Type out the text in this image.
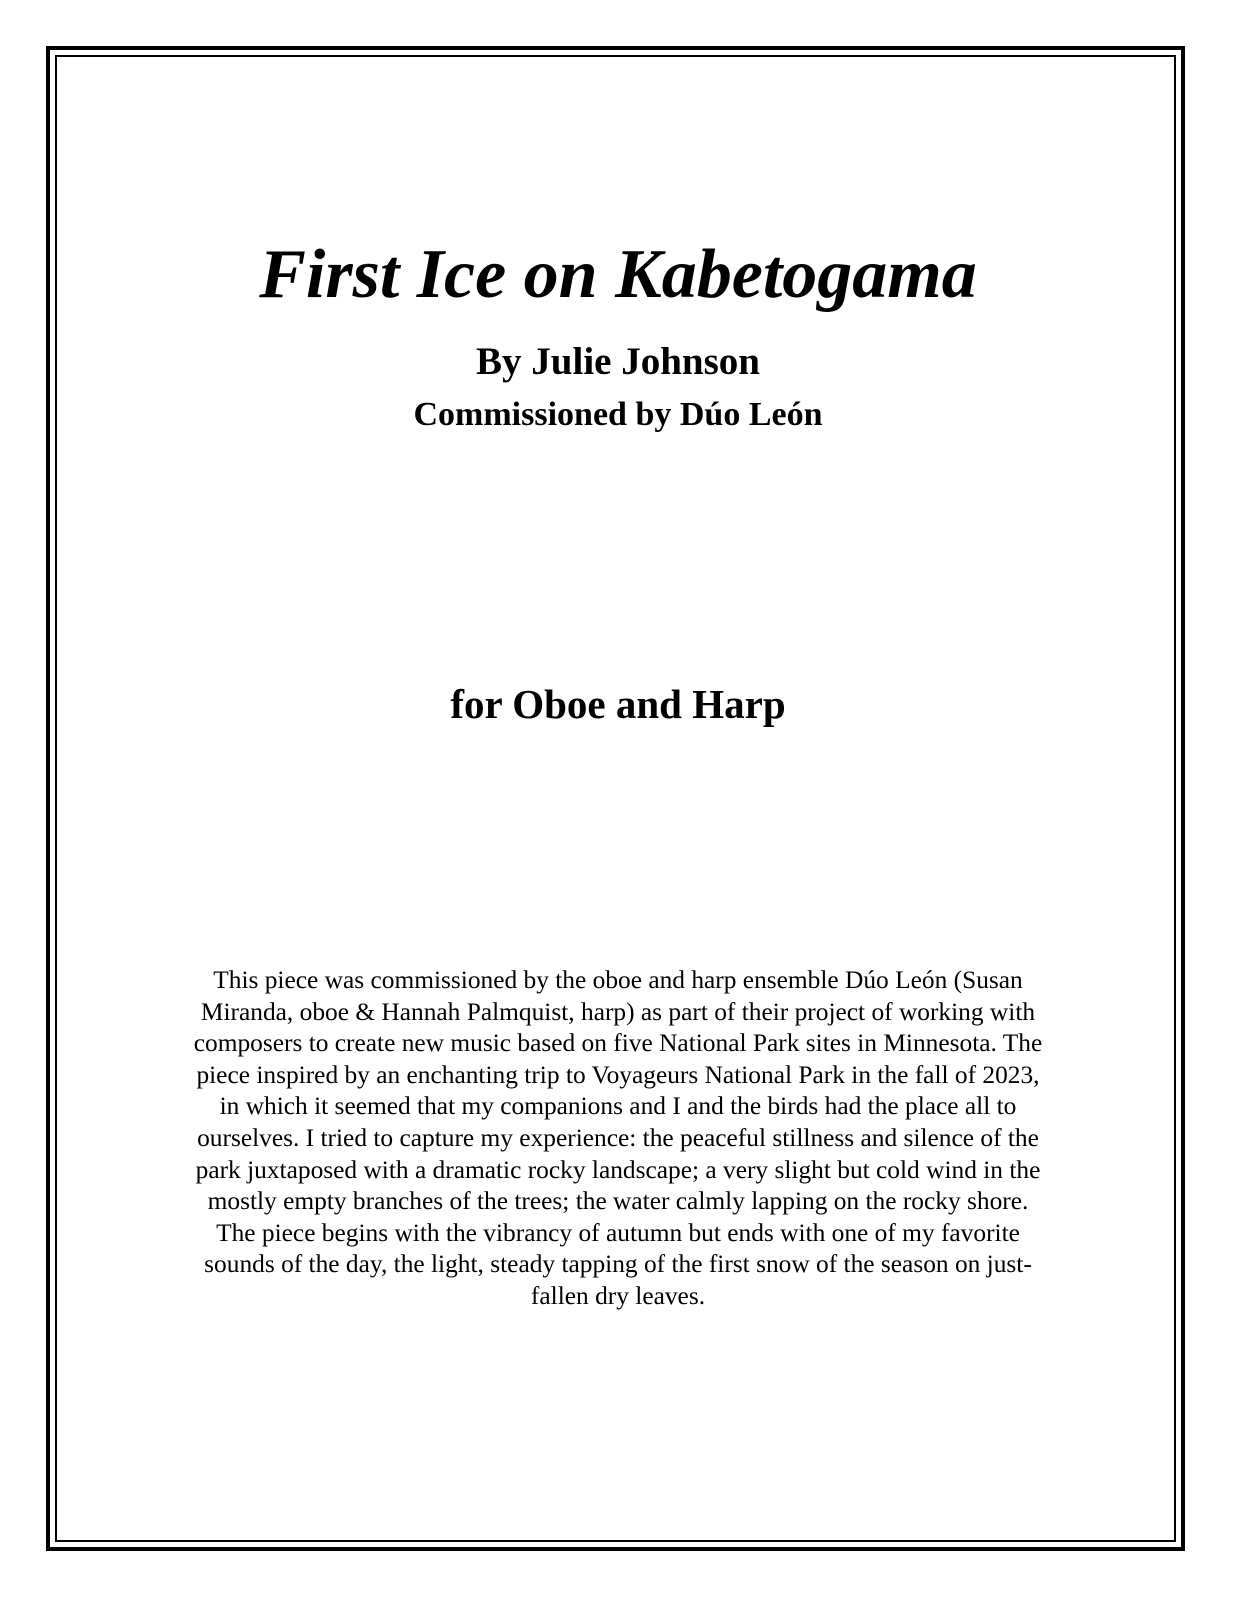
First Ice on Kabetogama
By Julie Johnson
Commissioned by Dúo León
for Oboe and Harp
This piece was commissioned by the oboe and harp ensemble Dúo León (Susan
Miranda, oboe & Hannah Palmquist, harp) as part of their project of working with
composers to create new music based on five National Park sites in Minnesota. The
piece inspired by an enchanting trip to Voyageurs National Park in the fall of 2023,
in which it seemed that my companions and I and the birds had the place all to
ourselves. I tried to capture my experience: the peaceful stillness and silence of the
park juxtaposed with a dramatic rocky landscape; a very slight but cold wind in the
mostly empty branches of the trees; the water calmly lapping on the rocky shore.
The piece begins with the vibrancy of autumn but ends with one of my favorite
sounds of the day, the light, steady tapping of the first snow of the season on just-
fallen dry leaves.
